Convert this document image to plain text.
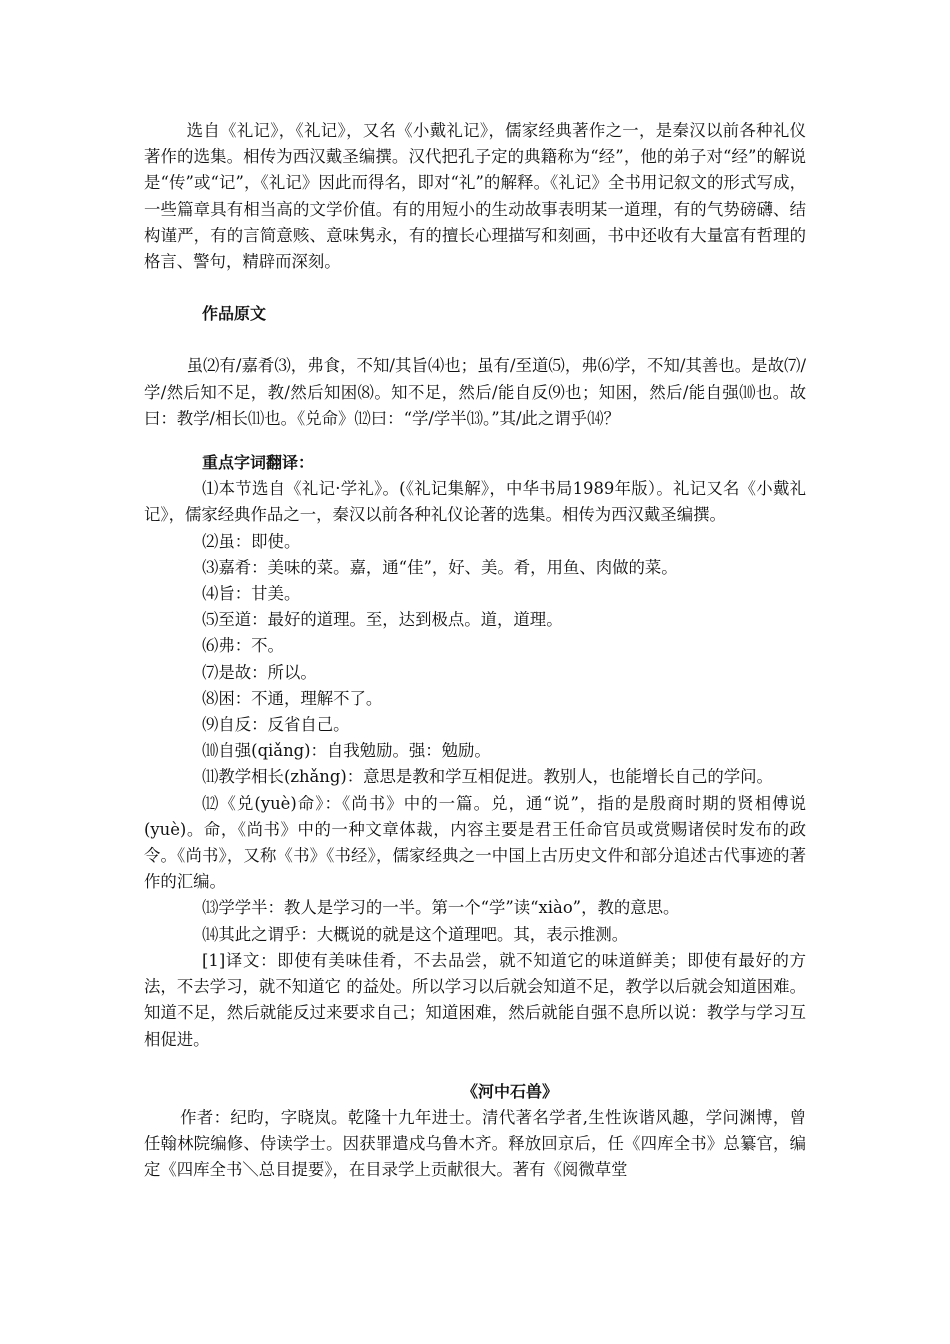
选自《礼记》，《礼记》，又名《小戴礼记》，儒家经典著作之一，是秦汉以前各种礼仪著作的选集。相传为西汉戴圣编撰。汉代把孔子定的典籍称为“经”，他的弟子对“经”的解说是“传”或“记”，《礼记》因此而得名，即对“礼”的解释。《礼记》全书用记叙文的形式写成，一些篇章具有相当高的文学价值。有的用短小的生动故事表明某一道理，有的气势磅礴、结构谨严，有的言简意赅、意味隽永，有的擅长心理描写和刻画，书中还收有大量富有哲理的格言、警句，精辟而深刻。

作品原文

虽⑵有/嘉肴⑶，弗食，不知/其旨⑷也；虽有/至道⑸，弗⑹学，不知/其善也。是故⑺/学/然后知不足，教/然后知困⑻。知不足，然后/能自反⑼也；知困，然后/能自强⑽也。故曰：教学/相长⑾也。《兑命》⑿曰：“学/学半⒀。”其/此之谓乎⒁？

重点字词翻译：

⑴本节选自《礼记·学礼》。(《礼记集解》，中华书局1989年版）。礼记又名《小戴礼记》，儒家经典作品之一，秦汉以前各种礼仪论著的选集。相传为西汉戴圣编撰。

⑵虽：即使。

⑶嘉肴：美味的菜。嘉，通“佳”，好、美。肴，用鱼、肉做的菜。

⑷旨：甘美。

⑸至道：最好的道理。至，达到极点。道，道理。

⑹弗：不。

⑺是故：所以。

⑻困：不通，理解不了。

⑼自反：反省自己。

⑽自强(qiǎng)：自我勉励。强：勉励。

⑾教学相长(zhǎng)：意思是教和学互相促进。教别人，也能增长自己的学问。

⑿《兑(yuè)命》：《尚书》中的一篇。兑，通“说”，指的是殷商时期的贤相傅说(yuè)。命，《尚书》中的一种文章体裁，内容主要是君王任命官员或赏赐诸侯时发布的政令。《尚书》，又称《书》《书经》，儒家经典之一中国上古历史文件和部分追述古代事迹的著作的汇编。

⒀学学半：教人是学习的一半。第一个“学”读“xiào”，教的意思。

⒁其此之谓乎：大概说的就是这个道理吧。其，表示推测。

[1]译文：即使有美味佳肴，不去品尝，就不知道它的味道鲜美；即使有最好的方法，不去学习，就不知道它 的益处。所以学习以后就会知道不足，教学以后就会知道困难。知道不足，然后就能反过来要求自己；知道困难，然后就能自强不息所以说：教学与学习互相促进。

《河中石兽》

作者：纪昀，字晓岚。乾隆十九年进士。清代著名学者,生性诙谐风趣，学问渊博，曾任翰林院编修、侍读学士。因获罪遣戍乌鲁木齐。释放回京后，任《四库全书》总纂官，编定《四库全书＼总目提要》，在目录学上贡献很大。著有《阅微草堂
